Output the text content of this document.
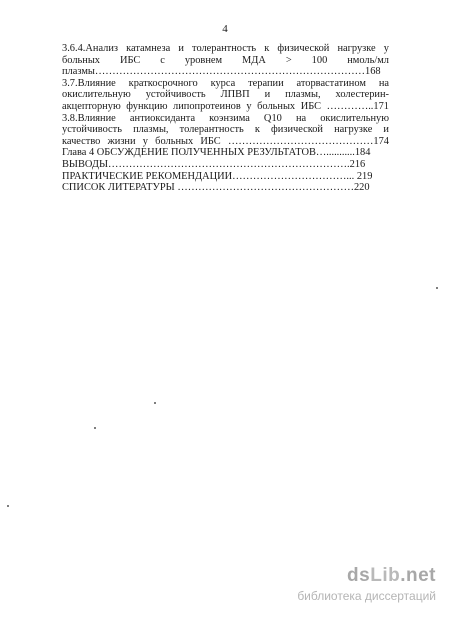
4
3.6.4.Анализ катамнеза и толерантность к физической нагрузке у
больных ИБС с уровнем МДА > 100 нмоль/мл
плазмы……………………………………………………………………168
3.7.Влияние краткосрочного курса терапии аторвастатином на
окислительную устойчивость ЛПВП и плазмы, холестерин-
акцепторную функцию липопротеинов у больных ИБС …………..171
3.8.Влияние антиоксиданта коэнзима Q10 на окислительную
устойчивость плазмы, толерантность к физической нагрузке и
качество жизни у больных ИБС ……………………………………174
Глава 4 ОБСУЖДЕНИЕ ПОЛУЧЕННЫХ РЕЗУЛЬТАТОВ…...........184
ВЫВОДЫ…………………………………………………………….216
ПРАКТИЧЕСКИЕ РЕКОМЕНДАЦИИ……………………………... 219
СПИСОК ЛИТЕРАТУРЫ ……………………………………………220
dsLib.net
библиотека диссертаций
